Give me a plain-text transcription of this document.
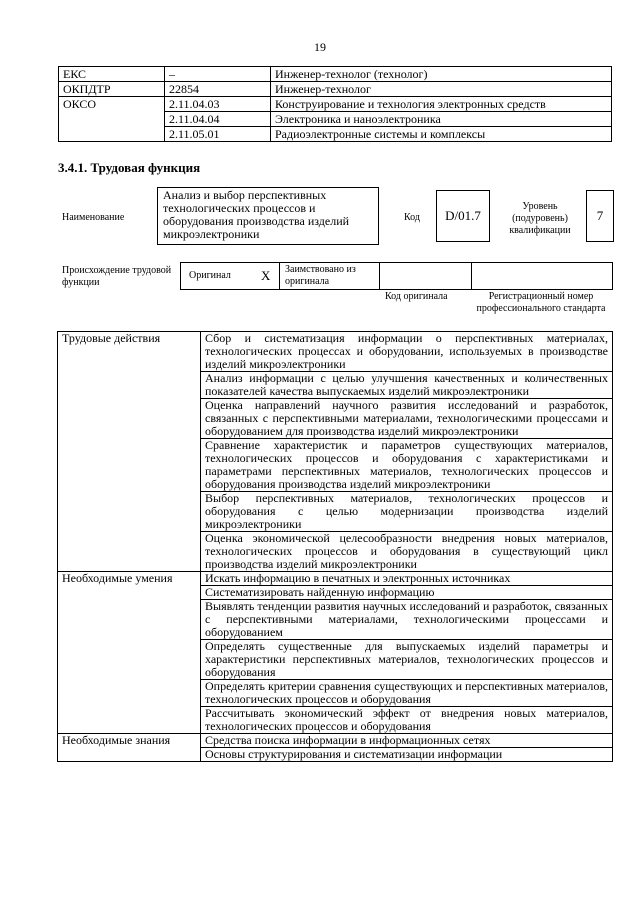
19
ЕКС	–	Инженер-технолог (технолог)
ОКПДТР	22854	Инженер-технолог
ОКСО	2.11.04.03	Конструирование и технология электронных средств
	2.11.04.04	Электроника и наноэлектроника
	2.11.05.01	Радиоэлектронные системы и комплексы
3.4.1. Трудовая функция
Наименование
Анализ и выбор перспективных технологических процессов и оборудования производства изделий микроэлектроники
Код D/01.7
Уровень (подуровень) квалификации
7
Происхождение трудовой функции
Оригинал X Заимствовано из оригинала
Код оригинала	Регистрационный номер профессионального стандарта
Трудовые действия	Сбор и систематизация информации о перспективных материалах, технологических процессах и оборудовании, используемых в производстве изделий микроэлектроники
	Анализ информации с целью улучшения качественных и количественных показателей качества выпускаемых изделий микроэлектроники
	Оценка направлений научного развития исследований и разработок, связанных с перспективными материалами, технологическими процессами и оборудованием для производства изделий микроэлектроники
	Сравнение характеристик и параметров существующих материалов, технологических процессов и оборудования с характеристиками и параметрами перспективных материалов, технологических процессов и оборудования производства изделий микроэлектроники
	Выбор перспективных материалов, технологических процессов и оборудования с целью модернизации производства изделий микроэлектроники
	Оценка экономической целесообразности внедрения новых материалов, технологических процессов и оборудования в существующий цикл производства изделий микроэлектроники
Необходимые умения	Искать информацию в печатных и электронных источниках
	Систематизировать найденную информацию
	Выявлять тенденции развития научных исследований и разработок, связанных с перспективными материалами, технологическими процессами и оборудованием
	Определять существенные для выпускаемых изделий параметры и характеристики перспективных материалов, технологических процессов и оборудования
	Определять критерии сравнения существующих и перспективных материалов, технологических процессов и оборудования
	Рассчитывать экономический эффект от внедрения новых материалов, технологических процессов и оборудования
Необходимые знания	Средства поиска информации в информационных сетях
	Основы структурирования и систематизации информации
